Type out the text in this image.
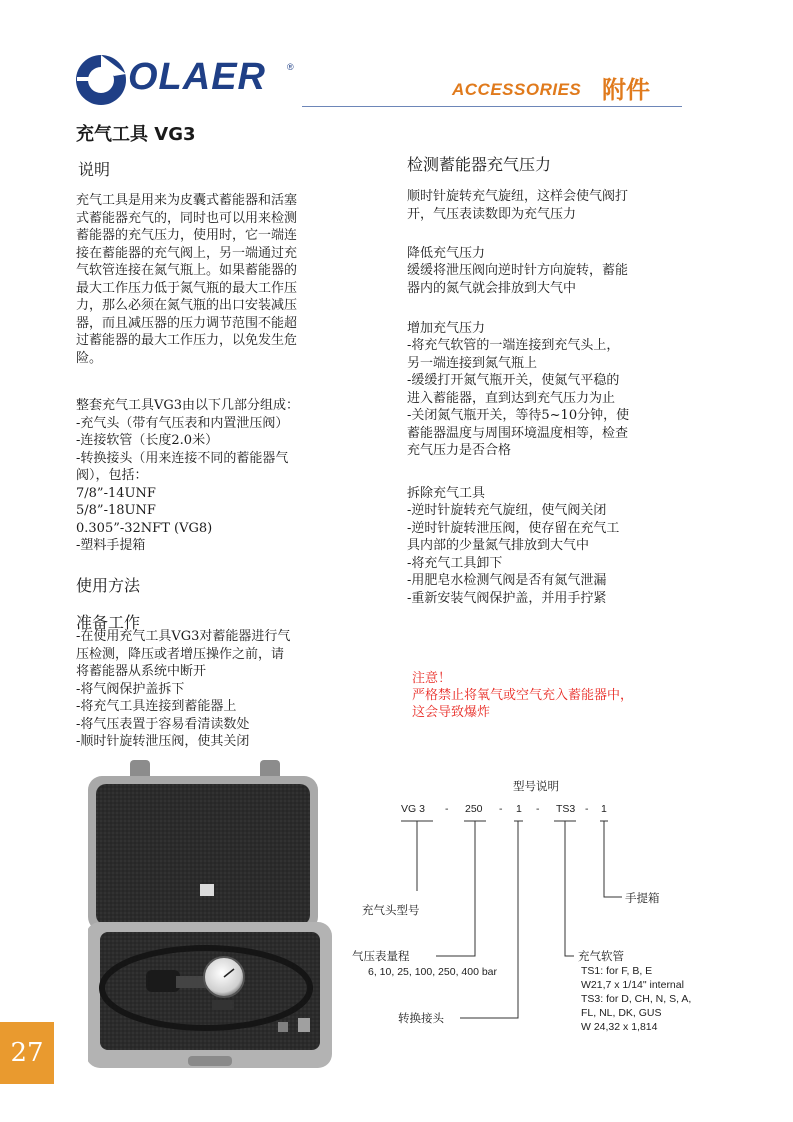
OLAER ®
ACCESSORIES 附件
充气工具 VG3
说明
充气工具是用来为皮囊式蓄能器和活塞
式蓄能器充气的，同时也可以用来检测
蓄能器的充气压力，使用时，它一端连
接在蓄能器的充气阀上，另一端通过充
气软管连接在氮气瓶上。如果蓄能器的
最大工作压力低于氮气瓶的最大工作压
力，那么必须在氮气瓶的出口安装减压
器，而且减压器的压力调节范围不能超
过蓄能器的最大工作压力，以免发生危
险。
整套充气工具VG3由以下几部分组成：
-充气头（带有气压表和内置泄压阀）
-连接软管（长度2.0米）
-转换接头（用来连接不同的蓄能器气
阀），包括：
7/8”-14UNF
5/8”-18UNF
0.305”-32NFT (VG8)
-塑料手提箱
使用方法
准备工作
-在使用充气工具VG3对蓄能器进行气
压检测，降压或者增压操作之前，请
将蓄能器从系统中断开
-将气阀保护盖拆下
-将充气工具连接到蓄能器上
-将气压表置于容易看清读数处
-顺时针旋转泄压阀，使其关闭
检测蓄能器充气压力
顺时针旋转充气旋纽，这样会使气阀打
开，气压表读数即为充气压力
降低充气压力
缓缓将泄压阀向逆时针方向旋转，蓄能
器内的氮气就会排放到大气中
增加充气压力
-将充气软管的一端连接到充气头上，
另一端连接到氮气瓶上
-缓缓打开氮气瓶开关，使氮气平稳的
进入蓄能器，直到达到充气压力为止
-关闭氮气瓶开关，等待5~10分钟，使
蓄能器温度与周围环境温度相等，检查
充气压力是否合格
拆除充气工具
-逆时针旋转充气旋纽，使气阀关闭
-逆时针旋转泄压阀，使存留在充气工
具内部的少量氮气排放到大气中
-将充气工具卸下
-用肥皂水检测气阀是否有氮气泄漏
-重新安装气阀保护盖，并用手拧紧
注意！
严格禁止将氧气或空气充入蓄能器中，
这会导致爆炸
型号说明
VG 3 - 250 - 1 - TS3 - 1
充气头型号
气压表量程
6, 10, 25, 100, 250, 400 bar
转换接头
手提箱
充气软管
TS1: for F, B, E
W21,7 x 1/14" internal
TS3: for D, CH, N, S, A,
FL, NL, DK, GUS
W 24,32 x 1,814
27
